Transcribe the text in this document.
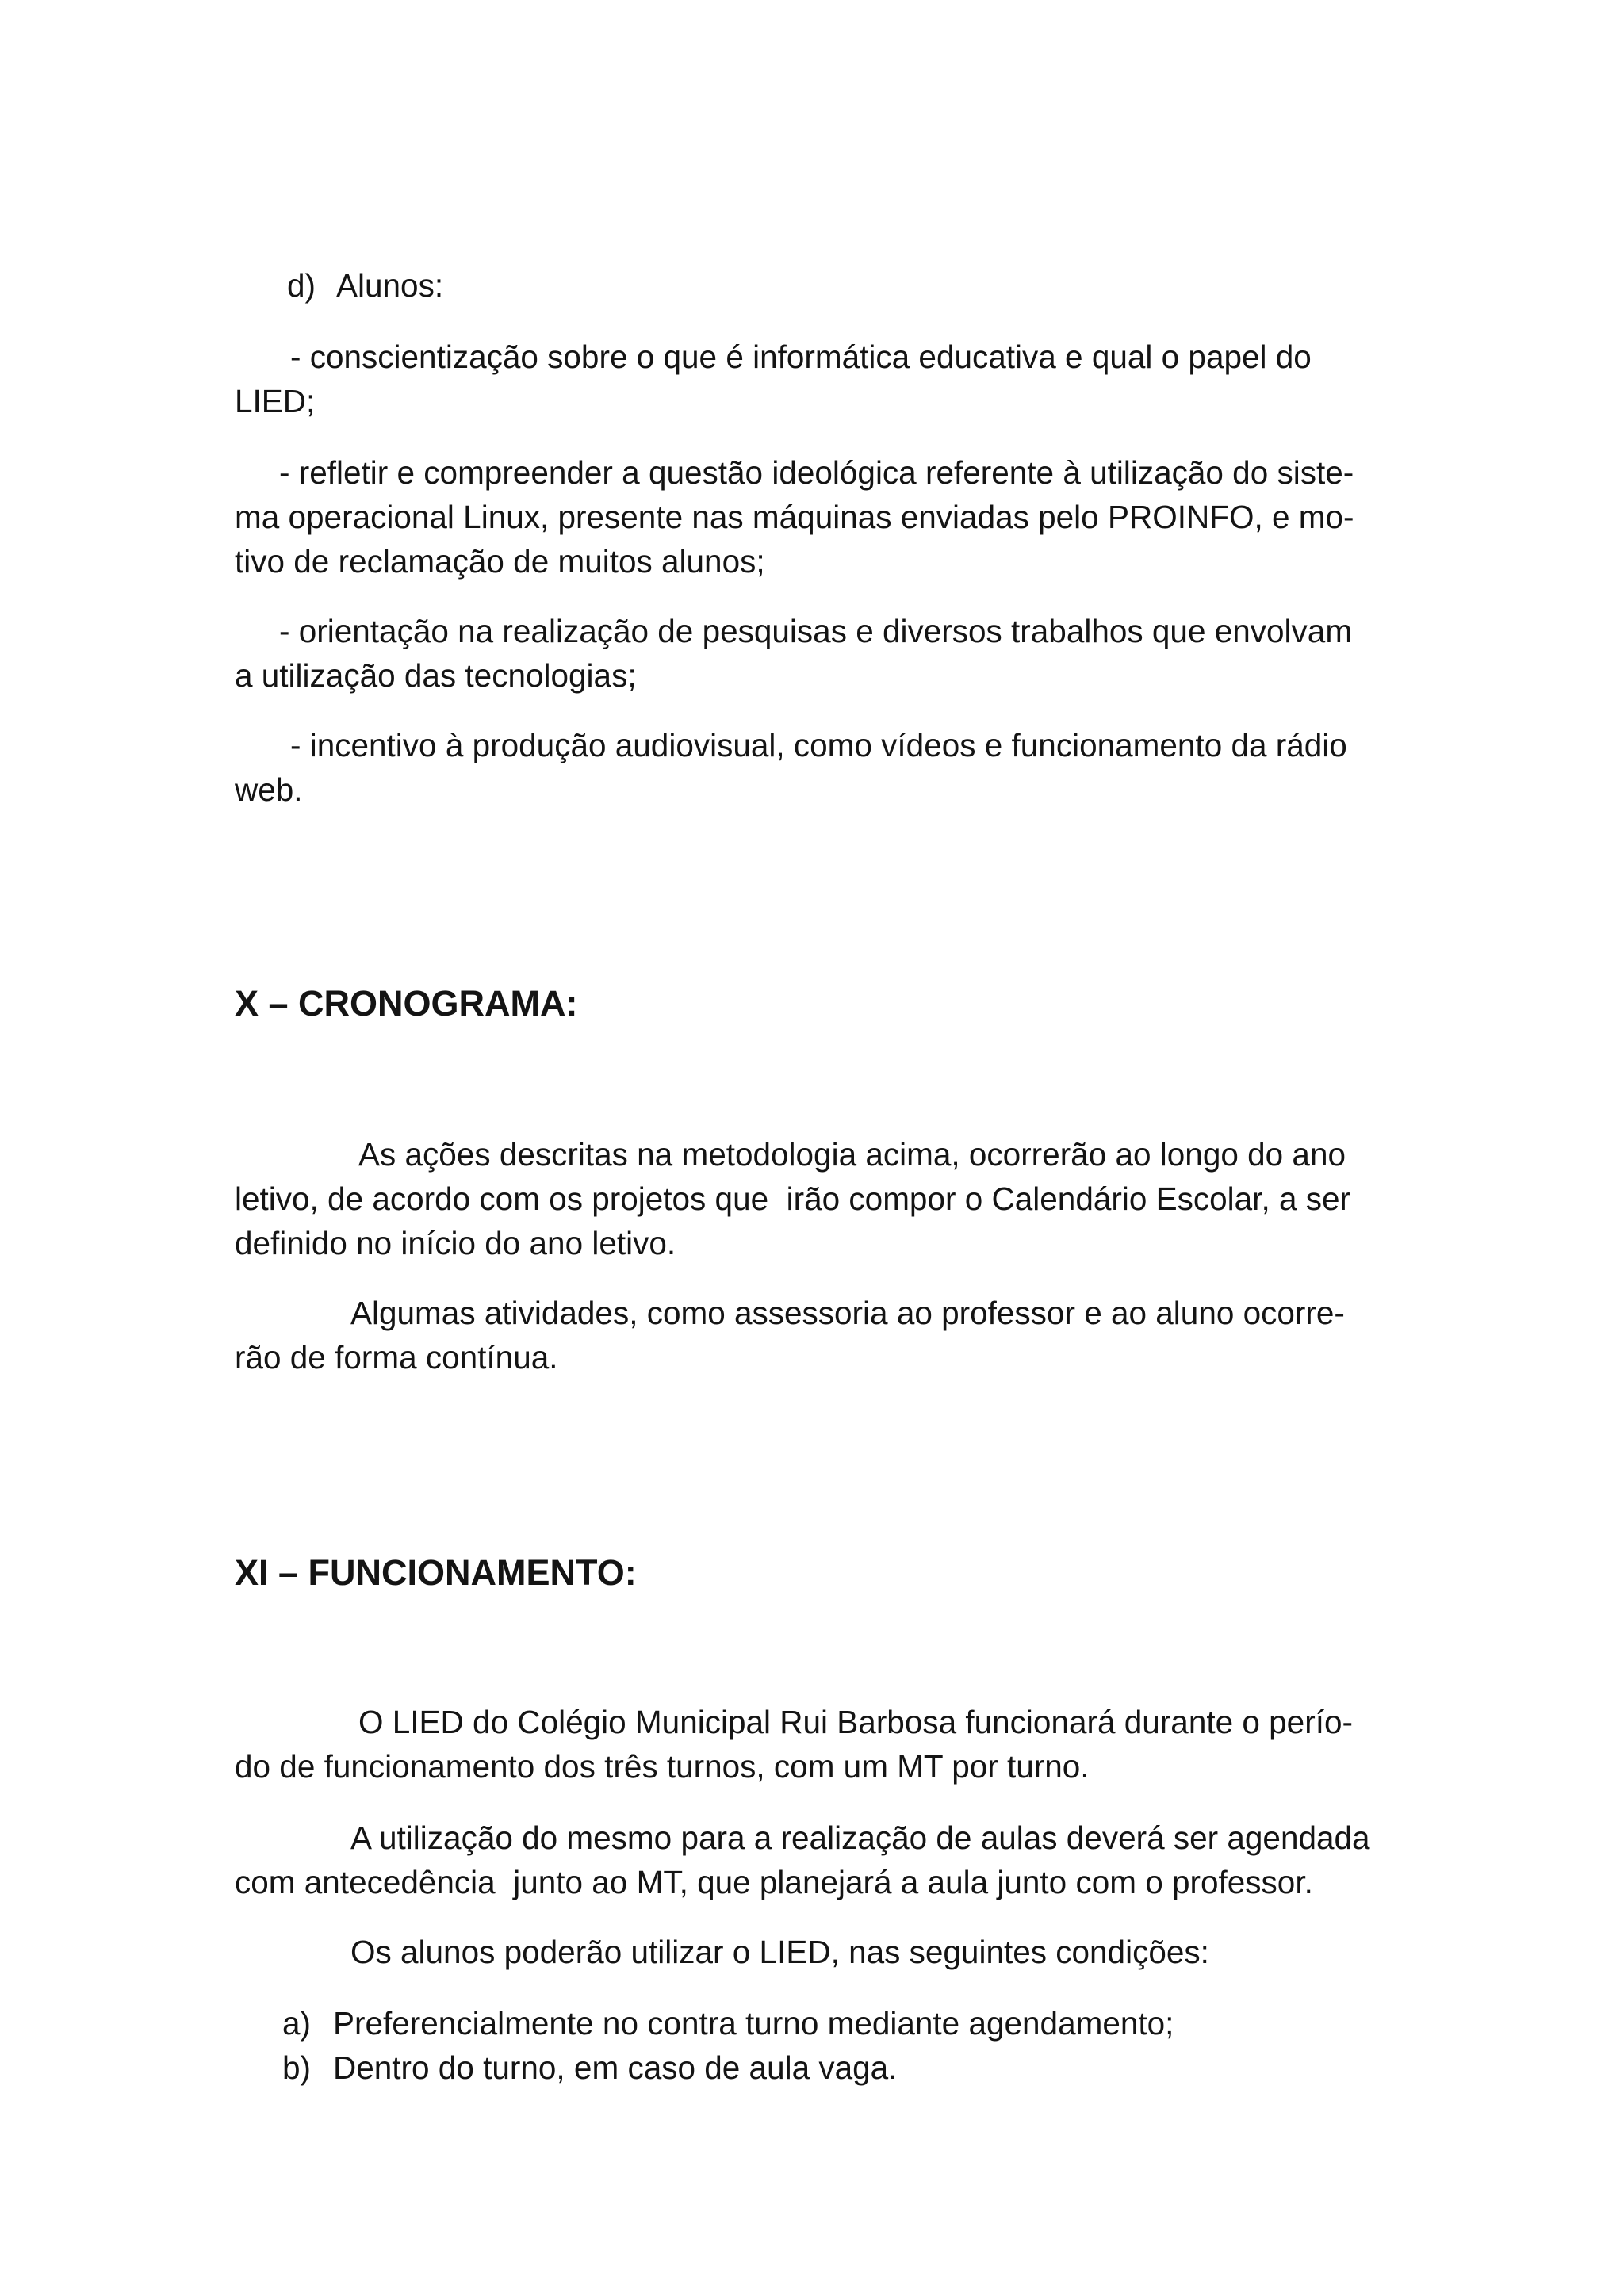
d) Alunos:
- conscientização sobre o que é informática educativa e qual o papel do
LIED;
- refletir e compreender a questão ideológica referente à utilização do siste-
ma operacional Linux, presente nas máquinas enviadas pelo PROINFO, e mo-
tivo de reclamação de muitos alunos;
- orientação na realização de pesquisas e diversos trabalhos que envolvam
a utilização das tecnologias;
- incentivo à produção audiovisual, como vídeos e funcionamento da rádio
web.
X – CRONOGRAMA:
As ações descritas na metodologia acima, ocorrerão ao longo do ano
letivo, de acordo com os projetos que  irão compor o Calendário Escolar, a ser
definido no início do ano letivo.
Algumas atividades, como assessoria ao professor e ao aluno ocorre-
rão de forma contínua.
XI – FUNCIONAMENTO:
O LIED do Colégio Municipal Rui Barbosa funcionará durante o perío-
do de funcionamento dos três turnos, com um MT por turno.
A utilização do mesmo para a realização de aulas deverá ser agendada
com antecedência  junto ao MT, que planejará a aula junto com o professor.
Os alunos poderão utilizar o LIED, nas seguintes condições:
a) Preferencialmente no contra turno mediante agendamento;
b) Dentro do turno, em caso de aula vaga.
